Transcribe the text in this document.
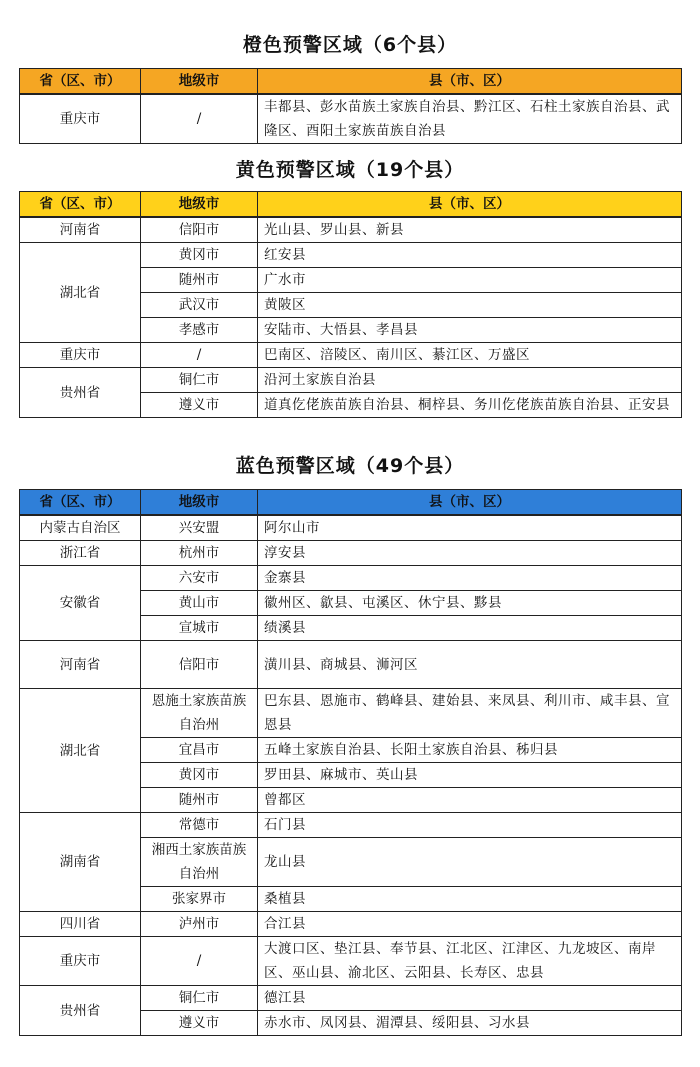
橙色预警区域（6个县）
省（区、市）	地级市	县（市、区）
重庆市	/	丰都县、彭水苗族土家族自治县、黔江区、石柱土家族自治县、武隆区、酉阳土家族苗族自治县
黄色预警区域（19个县）
省（区、市）	地级市	县（市、区）
河南省	信阳市	光山县、罗山县、新县
湖北省	黄冈市	红安县
	随州市	广水市
	武汉市	黄陂区
	孝感市	安陆市、大悟县、孝昌县
重庆市	/	巴南区、涪陵区、南川区、綦江区、万盛区
贵州省	铜仁市	沿河土家族自治县
	遵义市	道真仡佬族苗族自治县、桐梓县、务川仡佬族苗族自治县、正安县
蓝色预警区域（49个县）
省（区、市）	地级市	县（市、区）
内蒙古自治区	兴安盟	阿尔山市
浙江省	杭州市	淳安县
安徽省	六安市	金寨县
	黄山市	徽州区、歙县、屯溪区、休宁县、黟县
	宣城市	绩溪县
河南省	信阳市	潢川县、商城县、浉河区
湖北省	恩施土家族苗族自治州	巴东县、恩施市、鹤峰县、建始县、来凤县、利川市、咸丰县、宣恩县
	宜昌市	五峰土家族自治县、长阳土家族自治县、秭归县
	黄冈市	罗田县、麻城市、英山县
	随州市	曾都区
湖南省	常德市	石门县
	湘西土家族苗族自治州	龙山县
	张家界市	桑植县
四川省	泸州市	合江县
重庆市	/	大渡口区、垫江县、奉节县、江北区、江津区、九龙坡区、南岸区、巫山县、渝北区、云阳县、长寿区、忠县
贵州省	铜仁市	德江县
	遵义市	赤水市、凤冈县、湄潭县、绥阳县、习水县
